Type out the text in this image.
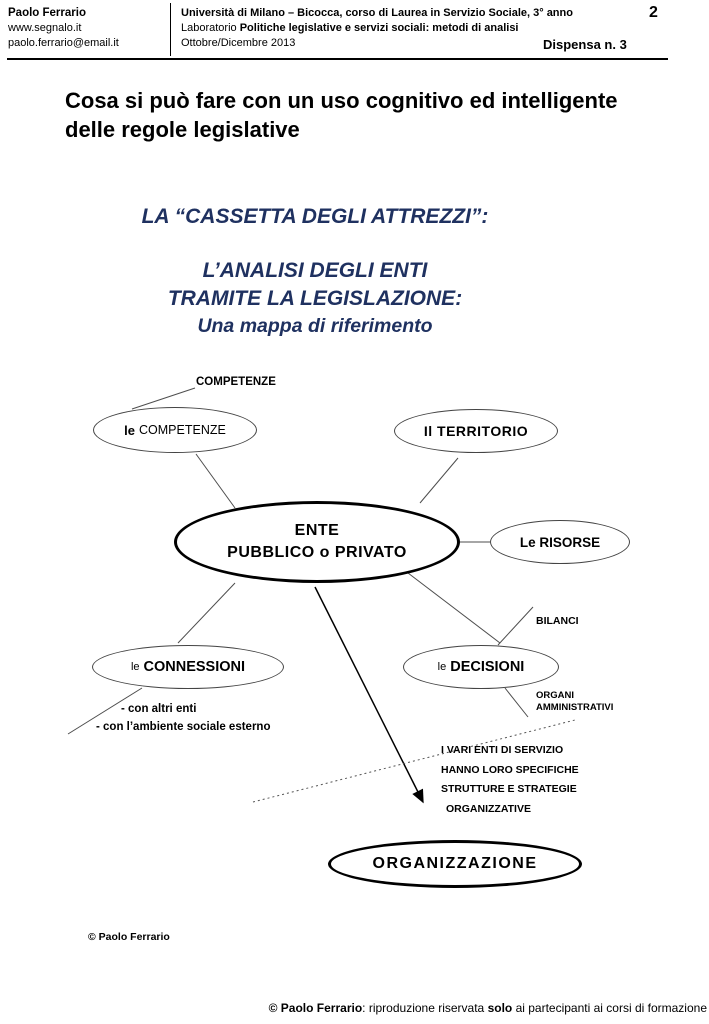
Paolo Ferrario
www.segnalo.it
paolo.ferrario@email.it
Università di Milano – Bicocca, corso di Laurea in Servizio Sociale, 3° anno
Laboratorio Politiche legislative e servizi sociali: metodi di analisi
Ottobre/Dicembre 2013
2
Dispensa n. 3
Cosa si può fare con un uso cognitivo ed intelligente delle regole legislative
LA “CASSETTA DEGLI ATTREZZI”:
L’ANALISI DEGLI ENTI
TRAMITE LA LEGISLAZIONE:
Una mappa di riferimento
le COMPETENZE	Il TERRITORIO
ENTE
PUBBLICO o PRIVATO
Le RISORSE
le CONNESSIONI	le DECISIONI
ORGANIZZAZIONE
COMPETENZE
BILANCI
ORGANI
AMMINISTRATIVI
- con altri enti
- con l’ambiente sociale esterno
I VARI ENTI DI SERVIZIO
HANNO LORO SPECIFICHE
STRUTTURE E STRATEGIE
ORGANIZZATIVE
© Paolo Ferrario
© Paolo Ferrario: riproduzione riservata solo ai partecipanti ai corsi di formazione
